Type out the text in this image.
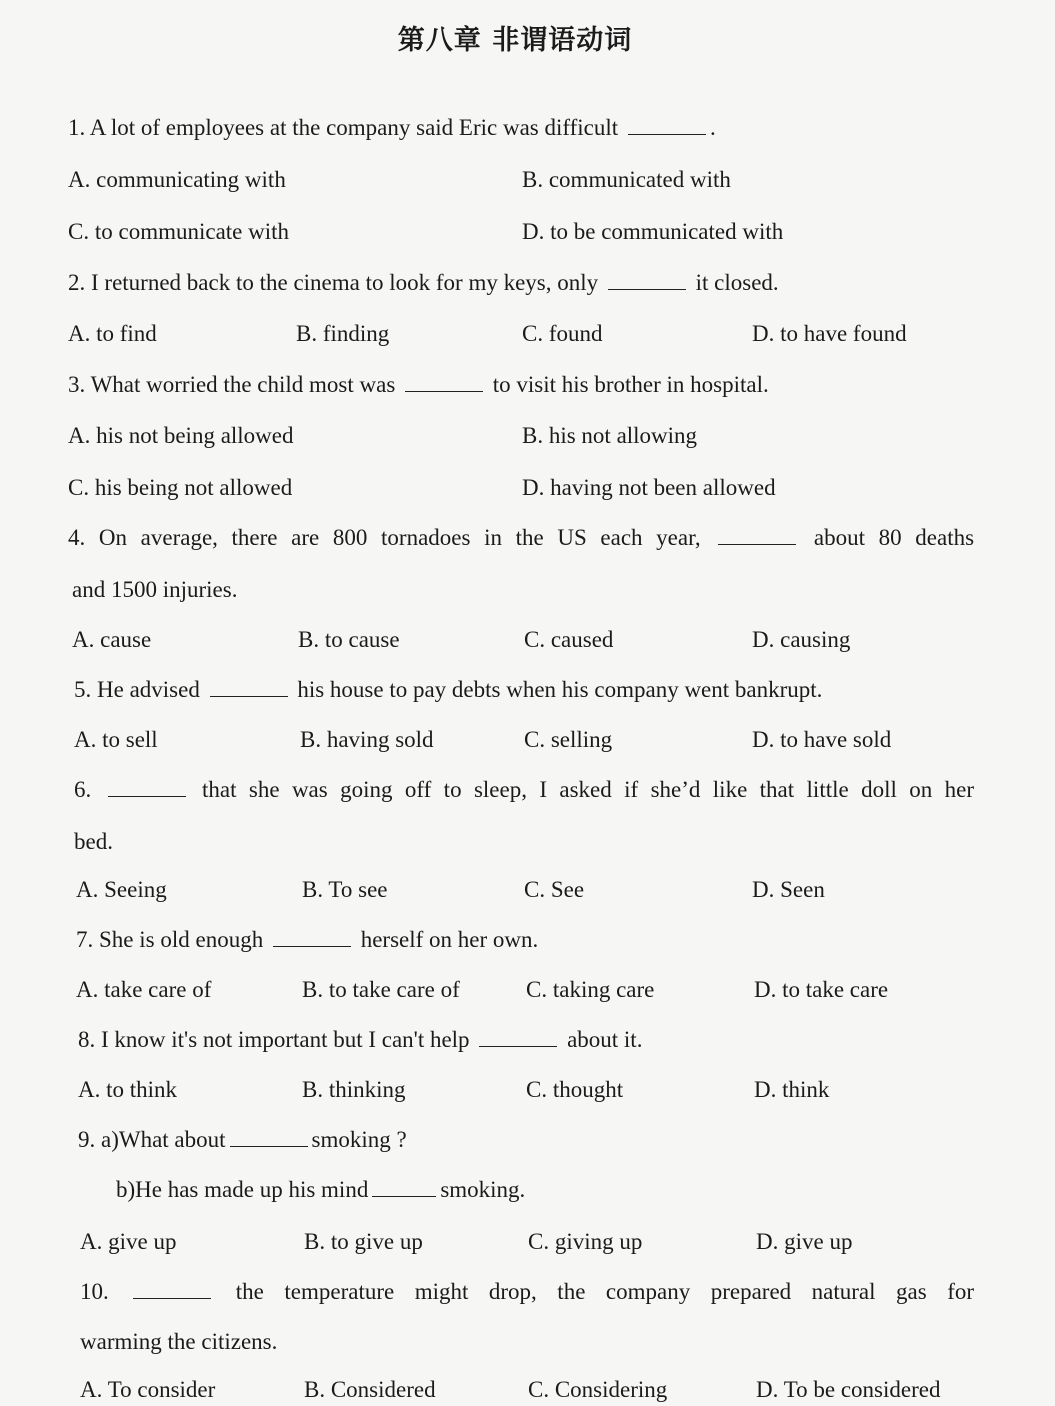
第八章 非谓语动词
1. A lot of employees at the company said Eric was difficult	.
A. communicating with	B. communicated with
C. to communicate with	D. to be communicated with
2. I returned back to the cinema to look for my keys, only	it closed.
A. to find	B. finding	C. found	D. to have found
3. What worried the child most was	to visit his brother in hospital.
A. his not being allowed	B. his not allowing
C. his being not allowed	D. having not been allowed
4. On average, there are 800 tornadoes in the US each year,	about 80 deaths
and 1500 injuries.
A. cause	B. to cause	C. caused	D. causing
5. He advised	his house to pay debts when his company went bankrupt.
A. to sell	B. having sold	C. selling	D. to have sold
6.	that she was going off to sleep, I asked if she’d like that little doll on her
bed.
A. Seeing	B. To see	C. See	D. Seen
7. She is old enough	herself on her own.
A. take care of	B. to take care of	C. taking care	D. to take care
8. I know it's not important but I can't help	about it.
A. to think	B. thinking	C. thought	D. think
9. a)What about	smoking ?
b)He has made up his mind	smoking.
A. give up	B. to give up	C. giving up	D. give up
10.	the temperature might drop, the company prepared natural gas for
warming the citizens.
A. To consider	B. Considered	C. Considering	D. To be considered
